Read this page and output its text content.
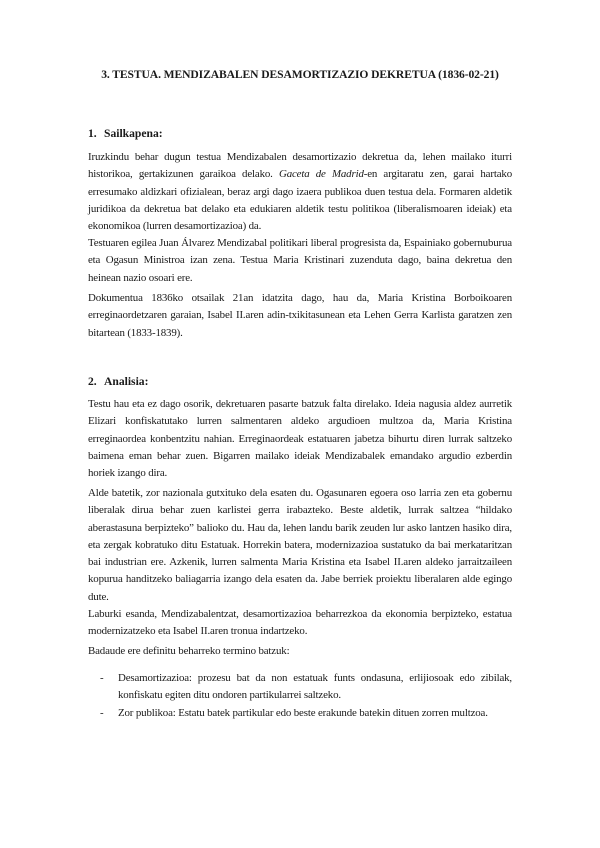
3. TESTUA. MENDIZABALEN DESAMORTIZAZIO DEKRETUA (1836-02-21)
1. Sailkapena:
Iruzkindu behar dugun testua Mendizabalen desamortizazio dekretua da, lehen mailako iturri historikoa, gertakizunen garaikoa delako. Gaceta de Madrid-en argitaratu zen, garai hartako erresumako aldizkari ofizialean, beraz argi dago izaera publikoa duen testua dela. Formaren aldetik juridikoa da dekretua bat delako eta edukiaren aldetik testu politikoa (liberalismoaren ideiak) eta ekonomikoa (lurren desamortizazioa) da.
Testuaren egilea Juan Álvarez Mendizabal politikari liberal progresista da, Espainiako gobernuburua eta Ogasun Ministroa izan zena. Testua Maria Kristinari zuzenduta dago, baina dekretua den heinean nazio osoari ere.
Dokumentua 1836ko otsailak 21an idatzita dago, hau da, Maria Kristina Borboikoaren erreginaordetzaren garaian, Isabel II.aren adin-txikitasunean eta Lehen Gerra Karlista garatzen zen bitartean (1833-1839).
2. Analisia:
Testu hau eta ez dago osorik, dekretuaren pasarte batzuk falta direlako. Ideia nagusia aldez aurretik Elizari konfiskatutako lurren salmentaren aldeko argudioen multzoa da, Maria Kristina erreginaordea konbentzitu nahian. Erreginaordeak estatuaren jabetza bihurtu diren lurrak saltzeko baimena eman behar zuen. Bigarren mailako ideiak Mendizabalek emandako argudio ezberdin horiek izango dira.
Alde batetik, zor nazionala gutxituko dela esaten du. Ogasunaren egoera oso larria zen eta gobernu liberalak dirua behar zuen karlistei gerra irabazteko. Beste aldetik, lurrak saltzea “hildako aberastasuna berpizteko” balioko du. Hau da, lehen landu barik zeuden lur asko lantzen hasiko dira, eta zergak kobratuko ditu Estatuak. Horrekin batera, modernizazioa sustatuko da bai merkataritzan bai industrian ere. Azkenik, lurren salmenta Maria Kristina eta Isabel II.aren aldeko jarraitzaileen kopurua handitzeko baliagarria izango dela esaten da. Jabe berriek proiektu liberalaren alde egingo dute.
Laburki esanda, Mendizabalentzat, desamortizazioa beharrezkoa da ekonomia berpizteko, estatua modernizatzeko eta Isabel II.aren tronua indartzeko.
Badaude ere definitu beharreko termino batzuk:
- Desamortizazioa: prozesu bat da non estatuak funts ondasuna, erlijiosoak edo zibilak, konfiskatu egiten ditu ondoren partikularrei saltzeko.
- Zor publikoa: Estatu batek partikular edo beste erakunde batekin dituen zorren multzoa.
